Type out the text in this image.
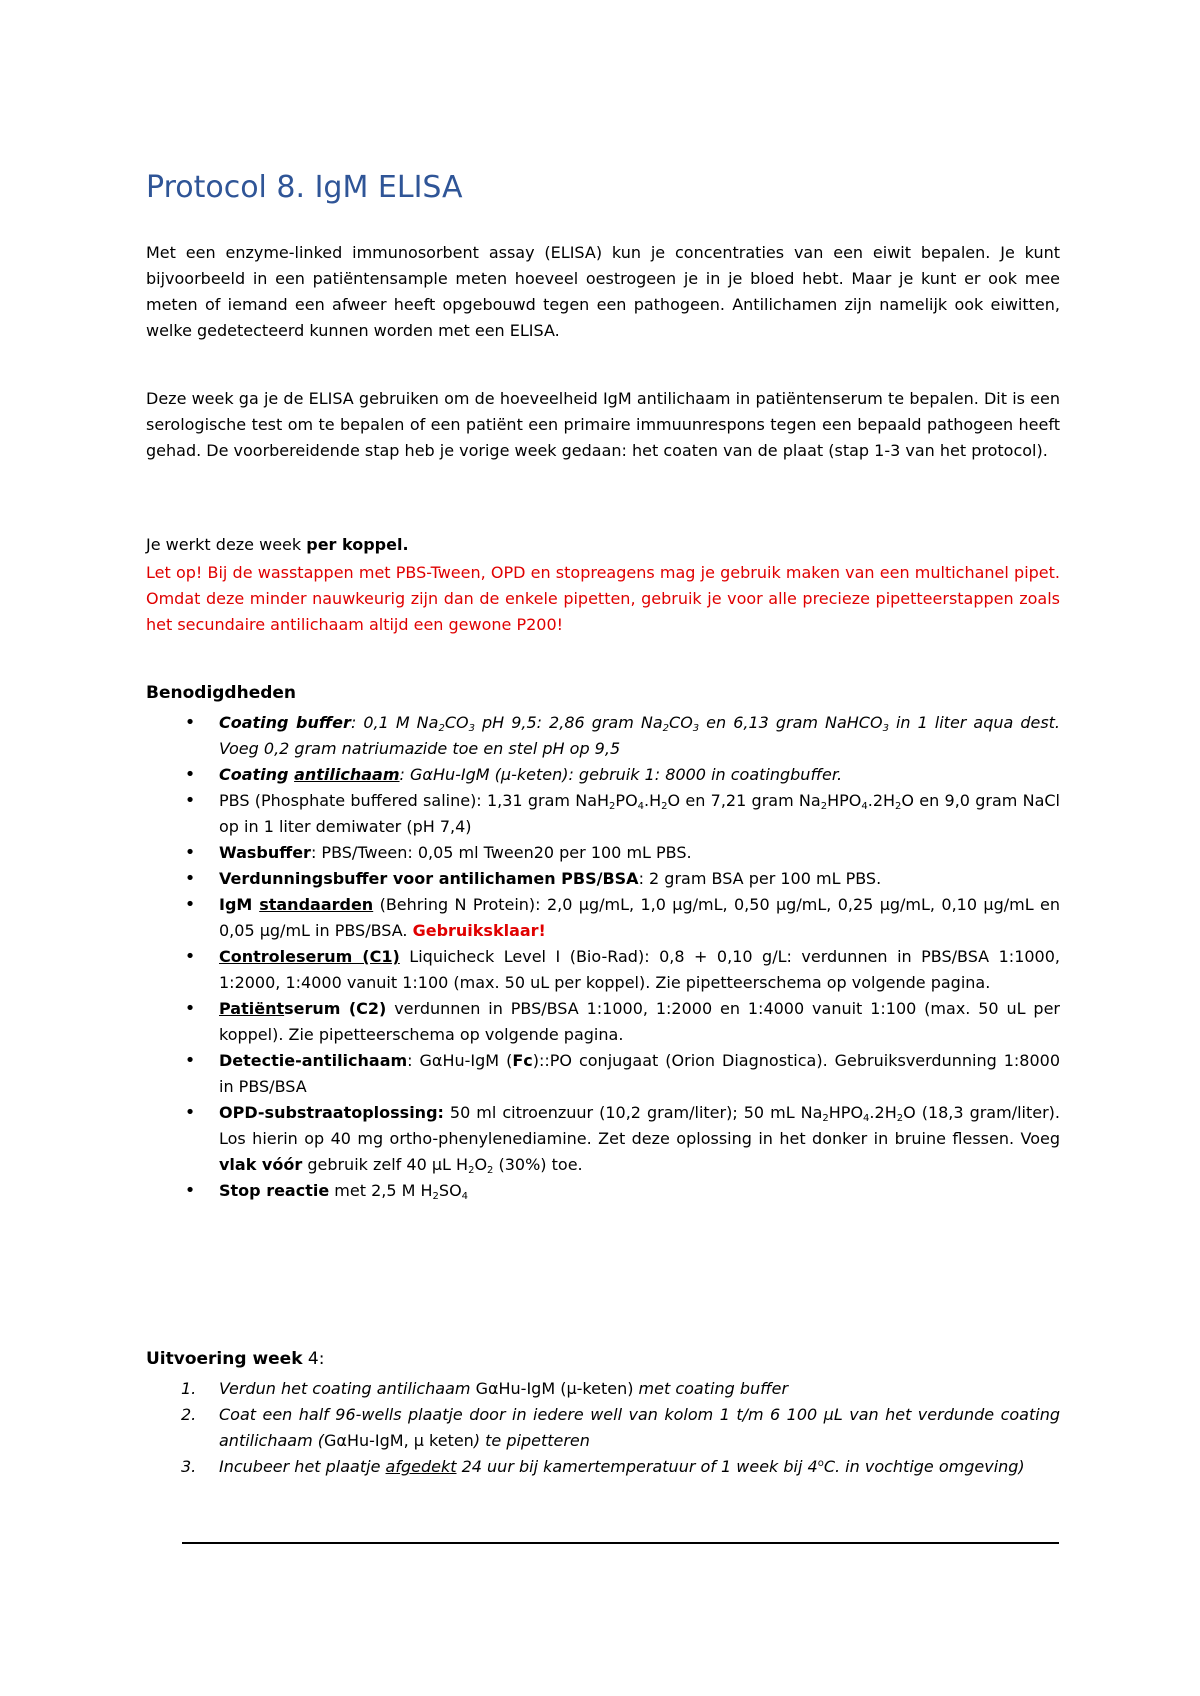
Protocol 8. IgM ELISA

Met een enzyme-linked immunosorbent assay (ELISA) kun je concentraties van een eiwit bepalen. Je kunt bijvoorbeeld in een patiëntensample meten hoeveel oestrogeen je in je bloed hebt. Maar je kunt er ook mee meten of iemand een afweer heeft opgebouwd tegen een pathogeen. Antilichamen zijn namelijk ook eiwitten, welke gedetecteerd kunnen worden met een ELISA.

Deze week ga je de ELISA gebruiken om de hoeveelheid IgM antilichaam in patiëntenserum te bepalen. Dit is een serologische test om te bepalen of een patiënt een primaire immuunrespons tegen een bepaald pathogeen heeft gehad. De voorbereidende stap heb je vorige week gedaan: het coaten van de plaat (stap 1-3 van het protocol).

Je werkt deze week per koppel.

Let op! Bij de wasstappen met PBS-Tween, OPD en stopreagens mag je gebruik maken van een multichanel pipet. Omdat deze minder nauwkeurig zijn dan de enkele pipetten, gebruik je voor alle precieze pipetteerstappen zoals het secundaire antilichaam altijd een gewone P200!

Benodigdheden
• Coating buffer: 0,1 M $Na_2CO_3$ pH 9,5: 2,86 gram $Na_2CO_3$ en 6,13 gram NaHCO$_3$ in 1 liter aqua dest. Voeg 0,2 gram natriumazide toe en stel pH op 9,5
• Coating antilichaam: GαHu-IgM (µ-keten): gebruik 1: 8000 in coatingbuffer.
• PBS (Phosphate buffered saline): 1,31 gram $NaH_2PO_4.H_2O$ en 7,21 gram $Na_2HPO_4.2H_2O$ en 9,0 gram NaCl op in 1 liter demiwater (pH 7,4)
• Wasbuffer: PBS/Tween: 0,05 ml Tween20 per 100 mL PBS.
• Verdunningsbuffer voor antilichamen PBS/BSA: 2 gram BSA per 100 mL PBS.
• IgM standaarden (Behring N Protein): 2,0 µg/mL, 1,0 µg/mL, 0,50 µg/mL, 0,25 µg/mL, 0,10 µg/mL en 0,05 µg/mL in PBS/BSA. Gebruiksklaar!
• Controleserum (C1) Liquicheck Level I (Bio-Rad): 0,8 + 0,10 g/L: verdunnen in PBS/BSA 1:1000, 1:2000, 1:4000 vanuit 1:100 (max. 50 uL per koppel). Zie pipetteerschema op volgende pagina.
• Patiëntserum (C2) verdunnen in PBS/BSA 1:1000, 1:2000 en 1:4000 vanuit 1:100 (max. 50 uL per koppel). Zie pipetteerschema op volgende pagina.
• Detectie-antilichaam: GαHu-IgM (Fc)::PO conjugaat (Orion Diagnostica). Gebruiksverdunning 1:8000 in PBS/BSA
• OPD-substraatoplossing: 50 ml citroenzuur (10,2 gram/liter); 50 mL $Na_2HPO_4.2H_2O$ (18,3 gram/liter). Los hierin op 40 mg ortho-phenylenediamine. Zet deze oplossing in het donker in bruine flessen. Voeg vlak vóór gebruik zelf 40 µL $H_2O_2$ (30%) toe.
• Stop reactie met 2,5 M $H_2SO_4$
Uitvoering week 4:
1. Verdun het coating antilichaam GαHu-IgM (µ-keten) met coating buffer
2. Coat een half 96-wells plaatje door in iedere well van kolom 1 t/m 6 100 µL van het verdunde coating antilichaam (GαHu-IgM, µ keten) te pipetteren
3. Incubeer het plaatje afgedekt 24 uur bij kamertemperatuur of 1 week bij 4$^o$C. in vochtige omgeving)
